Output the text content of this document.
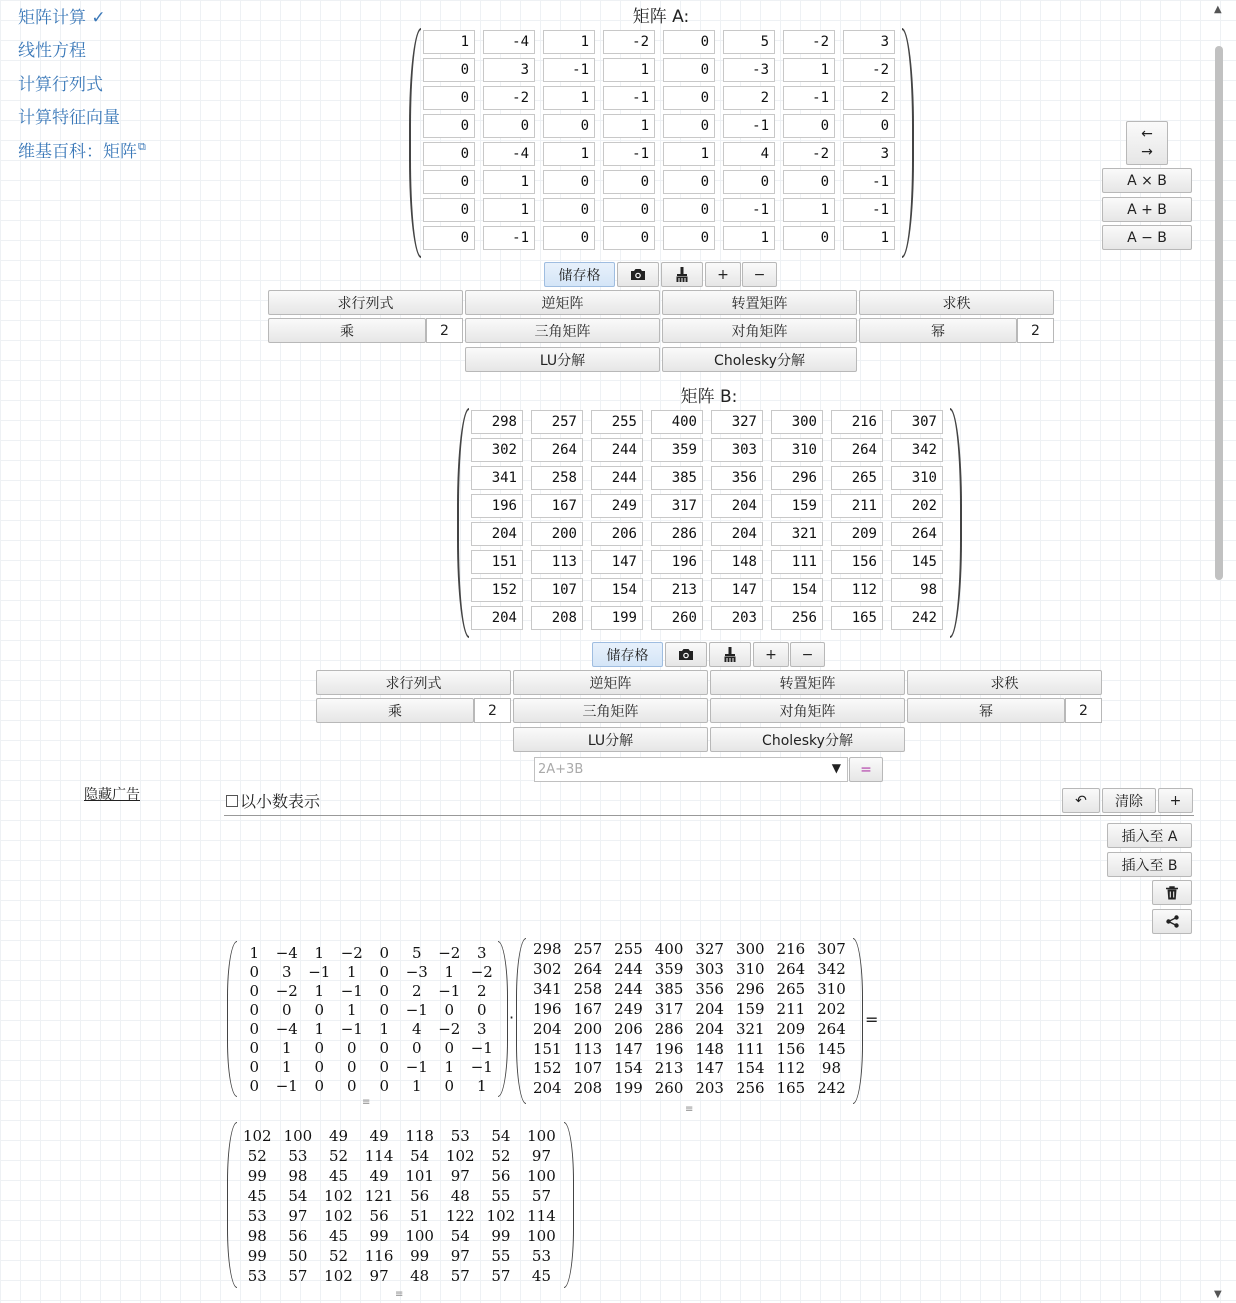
矩阵计算 ✓
线性方程
计算行列式
计算特征向量
维基百科：矩阵⧉
矩阵 A:
1	-4	1	-2	0	5	-2	3
0	3	-1	1	0	-3	1	-2
0	-2	1	-1	0	2	-1	2
0	0	0	1	0	-1	0	0
0	-4	1	-1	1	4	-2	3
0	1	0	0	0	0	0	-1
0	1	0	0	0	-1	1	-1
0	-1	0	0	0	1	0	1
←
→
A × B
A + B
A − B
储存格	+	−
求行列式	逆矩阵	转置矩阵	求秩
乘	2	三角矩阵	对角矩阵	幂	2
LU分解	Cholesky分解
矩阵 B:
298	257	255	400	327	300	216	307
302	264	244	359	303	310	264	342
341	258	244	385	356	296	265	310
196	167	249	317	204	159	211	202
204	200	206	286	204	321	209	264
151	113	147	196	148	111	156	145
152	107	154	213	147	154	112	98
204	208	199	260	203	256	165	242
储存格	+	−
求行列式	逆矩阵	转置矩阵	求秩
乘	2	三角矩阵	对角矩阵	幂	2
LU分解	Cholesky分解
2A+3B	▼	=
隐藏广告	以小数表示	↶	清除	+
插入至 A
插入至 B
1	−4	1	−2	0	5	−2	3
0	3	−1	1	0	−3	1	−2
0	−2	1	−1	0	2	−1	2
0	0	0	1	0	−1	0	0
0	−4	1	−1	1	4	−2	3
0	1	0	0	0	0	0	−1
0	1	0	0	0	−1	1	−1
0	−1	0	0	0	1	0	1
≡
·
298 257 255 400 327 300 216 307
302 264 244 359 303 310 264 342
341 258 244 385 356 296 265 310
196 167 249 317 204 159 211 202
204 200 206 286 204 321 209 264
151 113 147 196 148 111 156 145
152 107 154 213 147 154 112	98
204 208 199 260 203 256 165 242
≡
=
102 100	49	49	118	53	54	100
52	53	52	114	54	102	52	97
99	98	45	49	101	97	56	100
45	54	102 121	56	48	55	57
53	97	102	56	51	122 102 114
98	56	45	99	100	54	99	100
99	50	52	116	99	97	55	53
53	57	102	97	48	57	57	45
≡
▲
▼
